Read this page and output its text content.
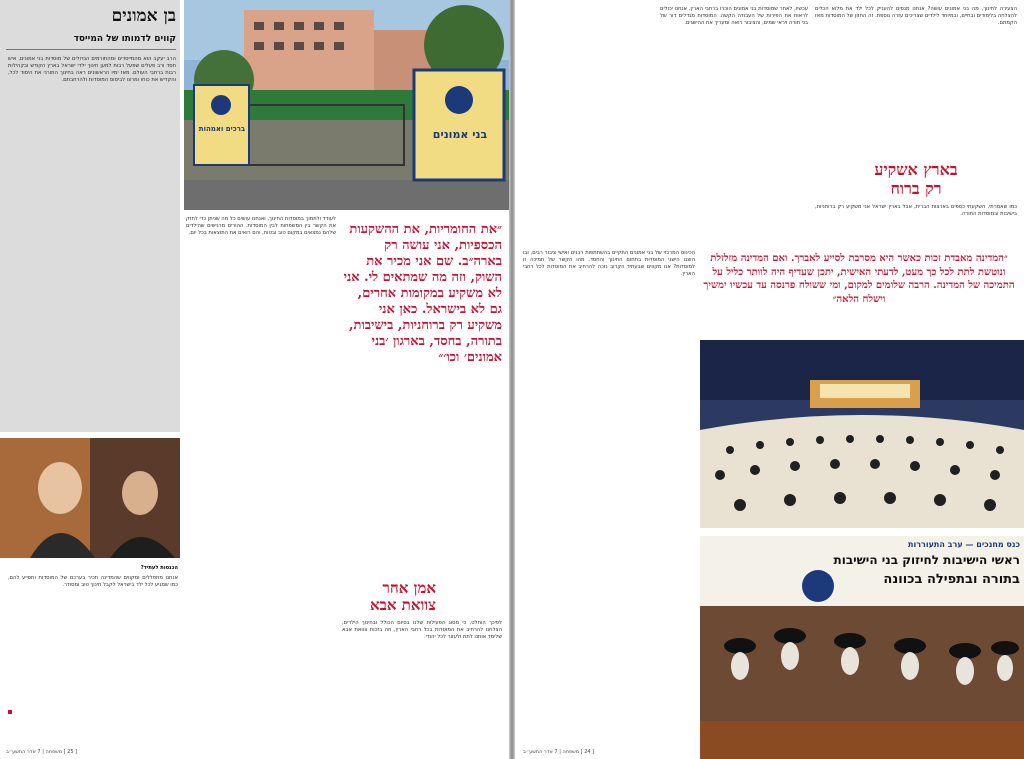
בני אמונים
ברכים ואמהות
בן אמונים
קווים לדמותו של המייסד

הרב יעקב הוא מהמייסדים ומהתורמים הגדולים של מוסדות בני אמונים, איש חסד ורב פעלים שפעל רבות למען חינוך ילדי ישראל בארץ הקודש ובקהילות רבות ברחבי העולם. מאז ימיו הראשונים ראה בחינוך התורני את היסוד לכל, והקדיש את כוחו ומרצו לביסוס המוסדות ולהרחבתם.

הכנסות לעתיד?

אנחנו מתפללים ומקווים שהמדינה תכיר בערכם של המוסדות ותסייע להם, כמו שמגיע לכל ילד בישראל לקבל חינוך טוב ומסודר.

לעודד ולתמוך במוסדות החינוך, ואנחנו עושים כל מה שניתן כדי לחזק את הקשר בין המשפחות לבין המוסדות. ההורים מרגישים שהילדים שלהם נמצאים במקום טוב ובטוח, והם רואים את התוצאות בכל יום.	״את החומריות, את ההשקעות הכספיות, אני עושה רק בארה״ב. שם אני מכיר את השוק, וזה מה שמתאים לי. אני לא משקיע במקומות אחרים, גם לא בישראל. כאן אני משקיע רק ברוחניות, בישיבות, בתורה, בחסד, בארגון ׳בני אמונים׳ וכו׳״
אמן אחר צוואת אבא

לפיכך הוחלט, כי מסוג הפעילות שלנו בסיום הכולל ובחינוך הילדים, הצלחנו להרחיב את המוסדות בכל רחבי הארץ, וזה בזכות צוואת אבא שלימד אותנו לתת ולעזור לכל יהודי.

[ 25 ] משפחה | 7 אדר התשע״ב

הצעירה לחינוך, מה בני אמונים עושה? אנחנו מנסים להעניק לכל ילד את מלוא הכלים להצלחה בלימודים ובחיים, ובמיוחד לילדים שצריכים עזרה נוספת. זה החזון של המוסדות מאז הקמתם.

עכשיו, לאחר שמוסדות בני אמונים הוכרו ברחבי הארץ, אנחנו יכולים לראות את הפירות של העבודה הקשה. המוסדות מגדלים דור של בני תורה ויראי שמים, והציבור רואה ומעריך את ההישגים.

בארץ אשקיע
רק ברוח

כמו שאמרתי, השקעתי כספים בארצות הברית, אבל בארץ ישראל אני משקיע רק ברוחניות, בישיבות ובמוסדות התורה.

״המדינה מאבדת זכות כאשר היא מסרבת לסייע לאברך. ואם המדינה מזלזלת ונוטשת לתת לכל כך מעט, לדעתי האישית, יתכן שעדיף היה לוותר כליל על התמיכה של המדינה. הרבה שלומים למקום, ומי ששולח פרנסה עד עכשיו ימשיך וישלח הלאה״

הכינוס המרכזי של בני אמונים התקיים בהשתתפות רבנים ואישי ציבור רבים, ובו הוצגו הישגי המוסדות בתחום החינוך והחסד. מהו הקשר של תמיכה זו למוסדות? אנו מקווים שבעתיד הקרוב נזכה להרחיב את המוסדות לכל רחבי הארץ.

כנס מחנכים — ערב התעוררות
ראשי הישיבות לחיזוק בני הישיבות
בתורה ובתפילה בכוונה
[ 24 ] משפחה | 7 אדר התשע״ב
